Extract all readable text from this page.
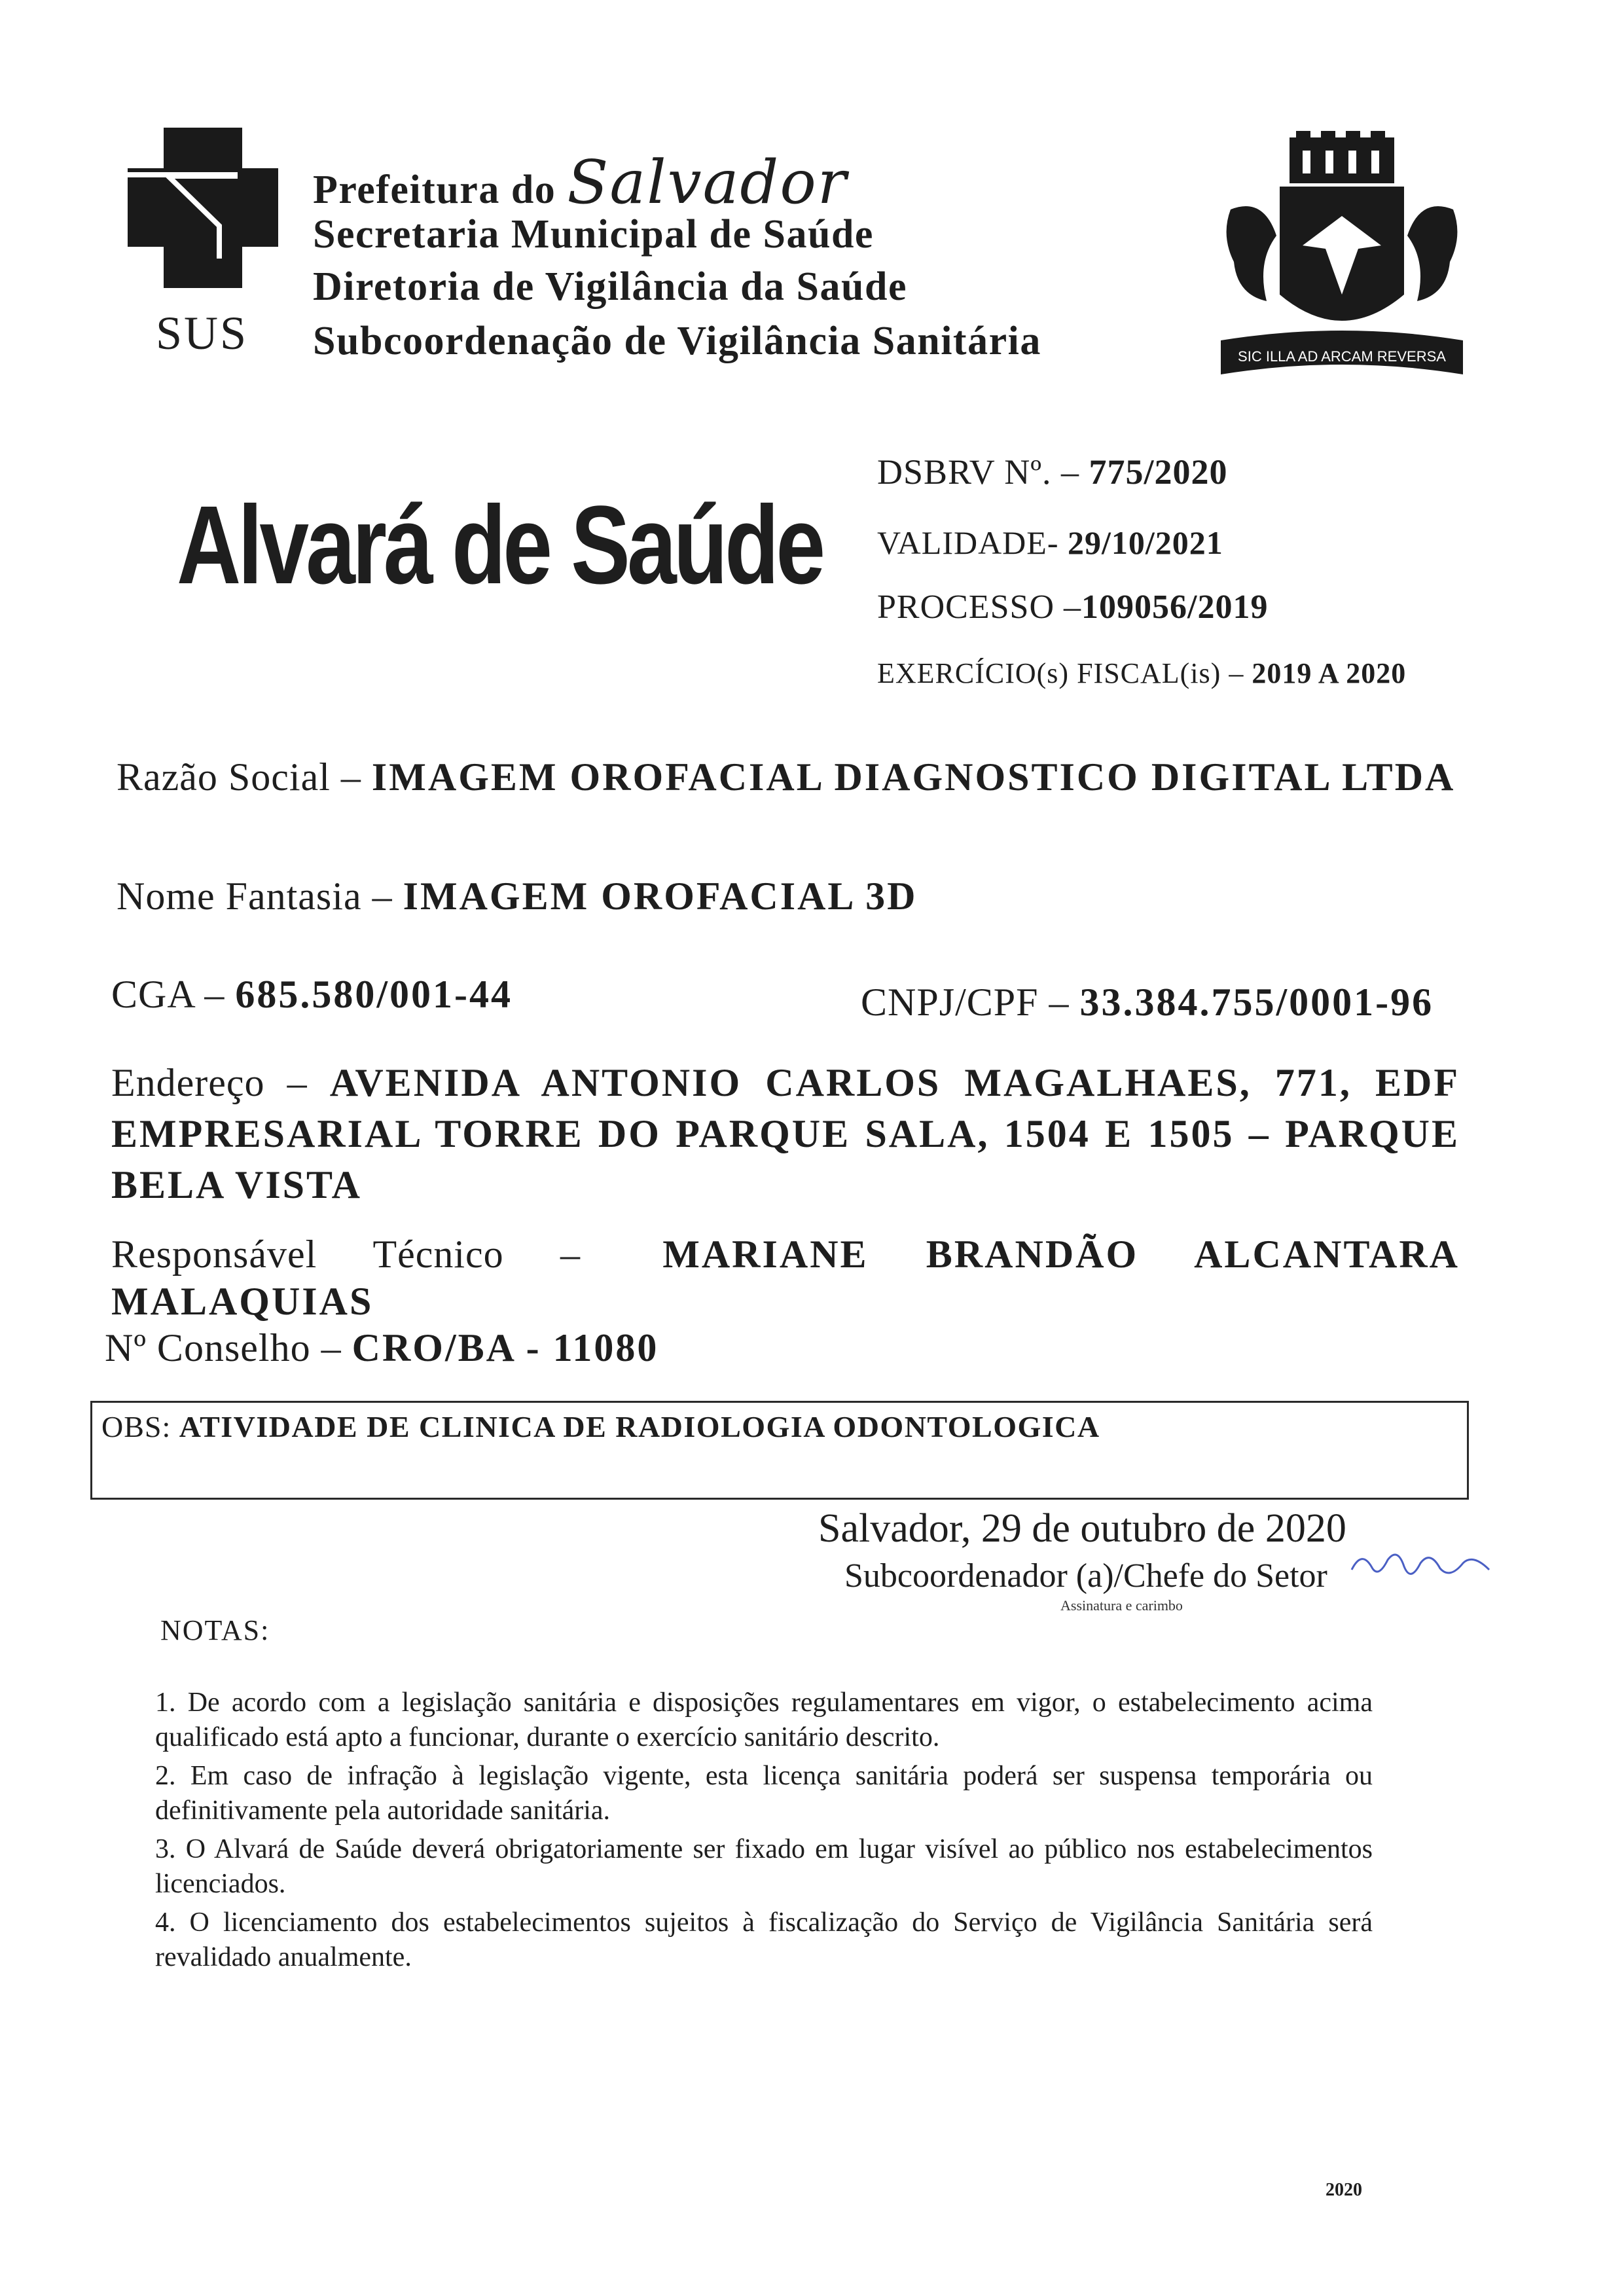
SUS
Prefeitura do Salvador
Secretaria Municipal de Saúde
Diretoria de Vigilância da Saúde
Subcoordenação de Vigilância Sanitária	SIC ILLA AD ARCAM REVERSA
Alvará de Saúde
DSBRV Nº. – 775/2020
VALIDADE- 29/10/2021
PROCESSO –109056/2019
EXERCÍCIO(s) FISCAL(is) – 2019 A 2020
Razão Social – IMAGEM OROFACIAL DIAGNOSTICO DIGITAL LTDA
Nome Fantasia – IMAGEM OROFACIAL 3D
CGA – 685.580/001-44	CNPJ/CPF – 33.384.755/0001-96
Endereço – AVENIDA ANTONIO CARLOS MAGALHAES, 771, EDF EMPRESARIAL TORRE DO PARQUE SALA, 1504 E 1505 – PARQUE BELA VISTA
Responsável Técnico – MARIANE BRANDÃO ALCANTARA MALAQUIAS
Nº Conselho – CRO/BA - 11080
OBS: ATIVIDADE DE CLINICA DE RADIOLOGIA ODONTOLOGICA
Salvador, 29 de outubro de 2020
Subcoordenador (a)/Chefe do Setor
Assinatura e carimbo
NOTAS:

1. De acordo com a legislação sanitária e disposições regulamentares em vigor, o estabelecimento acima qualificado está apto a funcionar, durante o exercício sanitário descrito.

2. Em caso de infração à legislação vigente, esta licença sanitária poderá ser suspensa temporária ou definitivamente pela autoridade sanitária.

3. O Alvará de Saúde deverá obrigatoriamente ser fixado em lugar visível ao público nos estabelecimentos licenciados.

4. O licenciamento dos estabelecimentos sujeitos à fiscalização do Serviço de Vigilância Sanitária será revalidado anualmente.

2020
